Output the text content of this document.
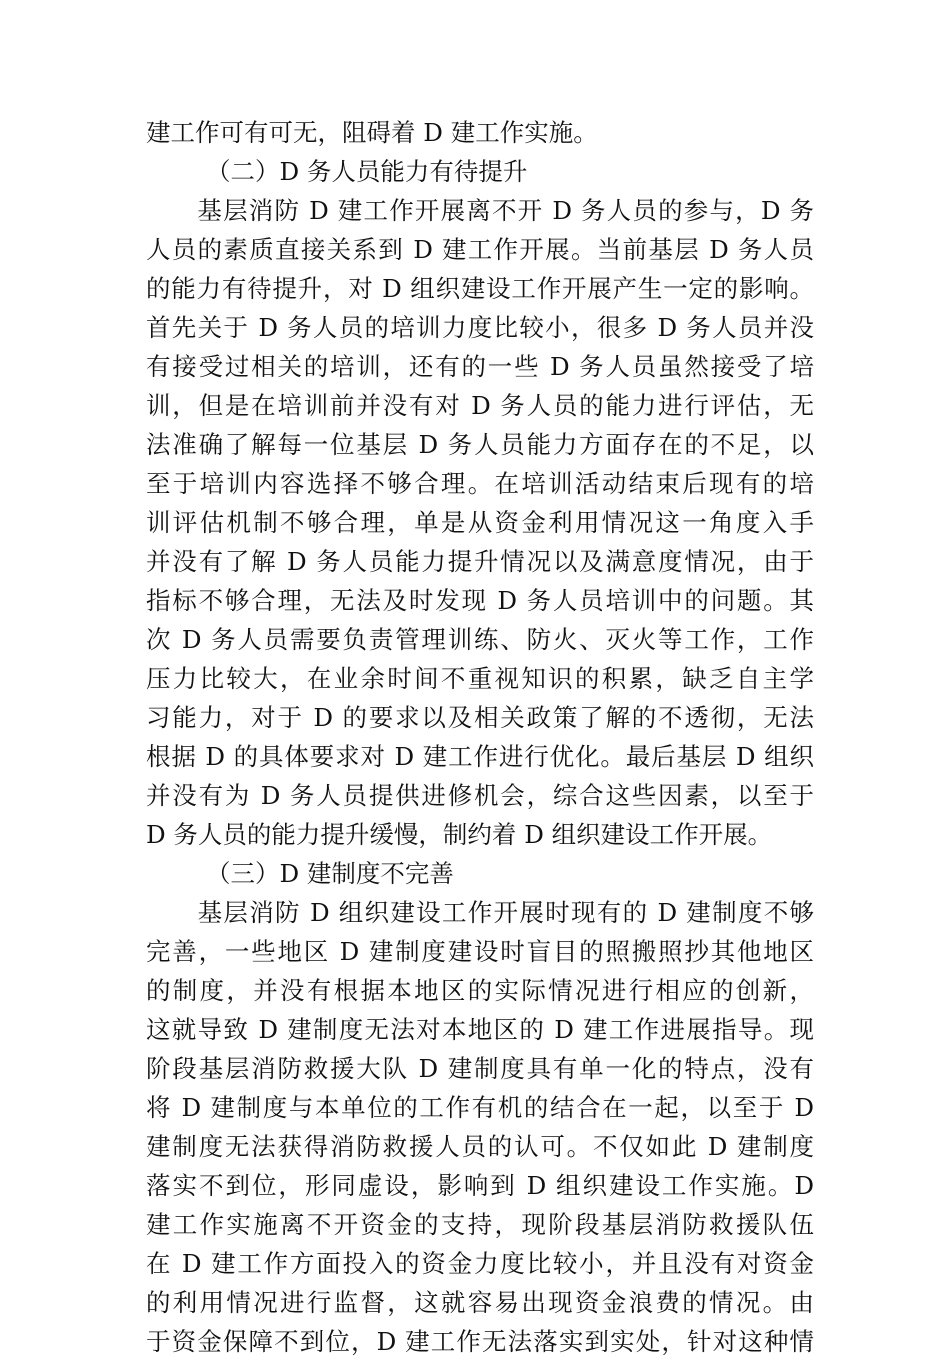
建工作可有可无，阻碍着 D 建工作实施。
（二）D 务人员能力有待提升
　　基层消防 D 建工作开展离不开 D 务人员的参与，D 务
人员的素质直接关系到 D 建工作开展。当前基层 D 务人员
的能力有待提升，对 D 组织建设工作开展产生一定的影响。
首先关于 D 务人员的培训力度比较小，很多 D 务人员并没
有接受过相关的培训，还有的一些 D 务人员虽然接受了培
训，但是在培训前并没有对 D 务人员的能力进行评估，无
法准确了解每一位基层 D 务人员能力方面存在的不足，以
至于培训内容选择不够合理。在培训活动结束后现有的培
训评估机制不够合理，单是从资金利用情况这一角度入手
并没有了解 D 务人员能力提升情况以及满意度情况，由于
指标不够合理，无法及时发现 D 务人员培训中的问题。其
次 D 务人员需要负责管理训练、防火、灭火等工作，工作
压力比较大，在业余时间不重视知识的积累，缺乏自主学
习能力，对于 D 的要求以及相关政策了解的不透彻，无法
根据 D 的具体要求对 D 建工作进行优化。最后基层 D 组织
并没有为 D 务人员提供进修机会，综合这些因素，以至于
D 务人员的能力提升缓慢，制约着 D 组织建设工作开展。
（三）D 建制度不完善
　　基层消防 D 组织建设工作开展时现有的 D 建制度不够
完善，一些地区 D 建制度建设时盲目的照搬照抄其他地区
的制度，并没有根据本地区的实际情况进行相应的创新，
这就导致 D 建制度无法对本地区的 D 建工作进展指导。现
阶段基层消防救援大队 D 建制度具有单一化的特点，没有
将 D 建制度与本单位的工作有机的结合在一起，以至于 D
建制度无法获得消防救援人员的认可。不仅如此 D 建制度
落实不到位，形同虚设，影响到 D 组织建设工作实施。D
建工作实施离不开资金的支持，现阶段基层消防救援队伍
在 D 建工作方面投入的资金力度比较小，并且没有对资金
的利用情况进行监督，这就容易出现资金浪费的情况。由
于资金保障不到位，D 建工作无法落实到实处，针对这种情
